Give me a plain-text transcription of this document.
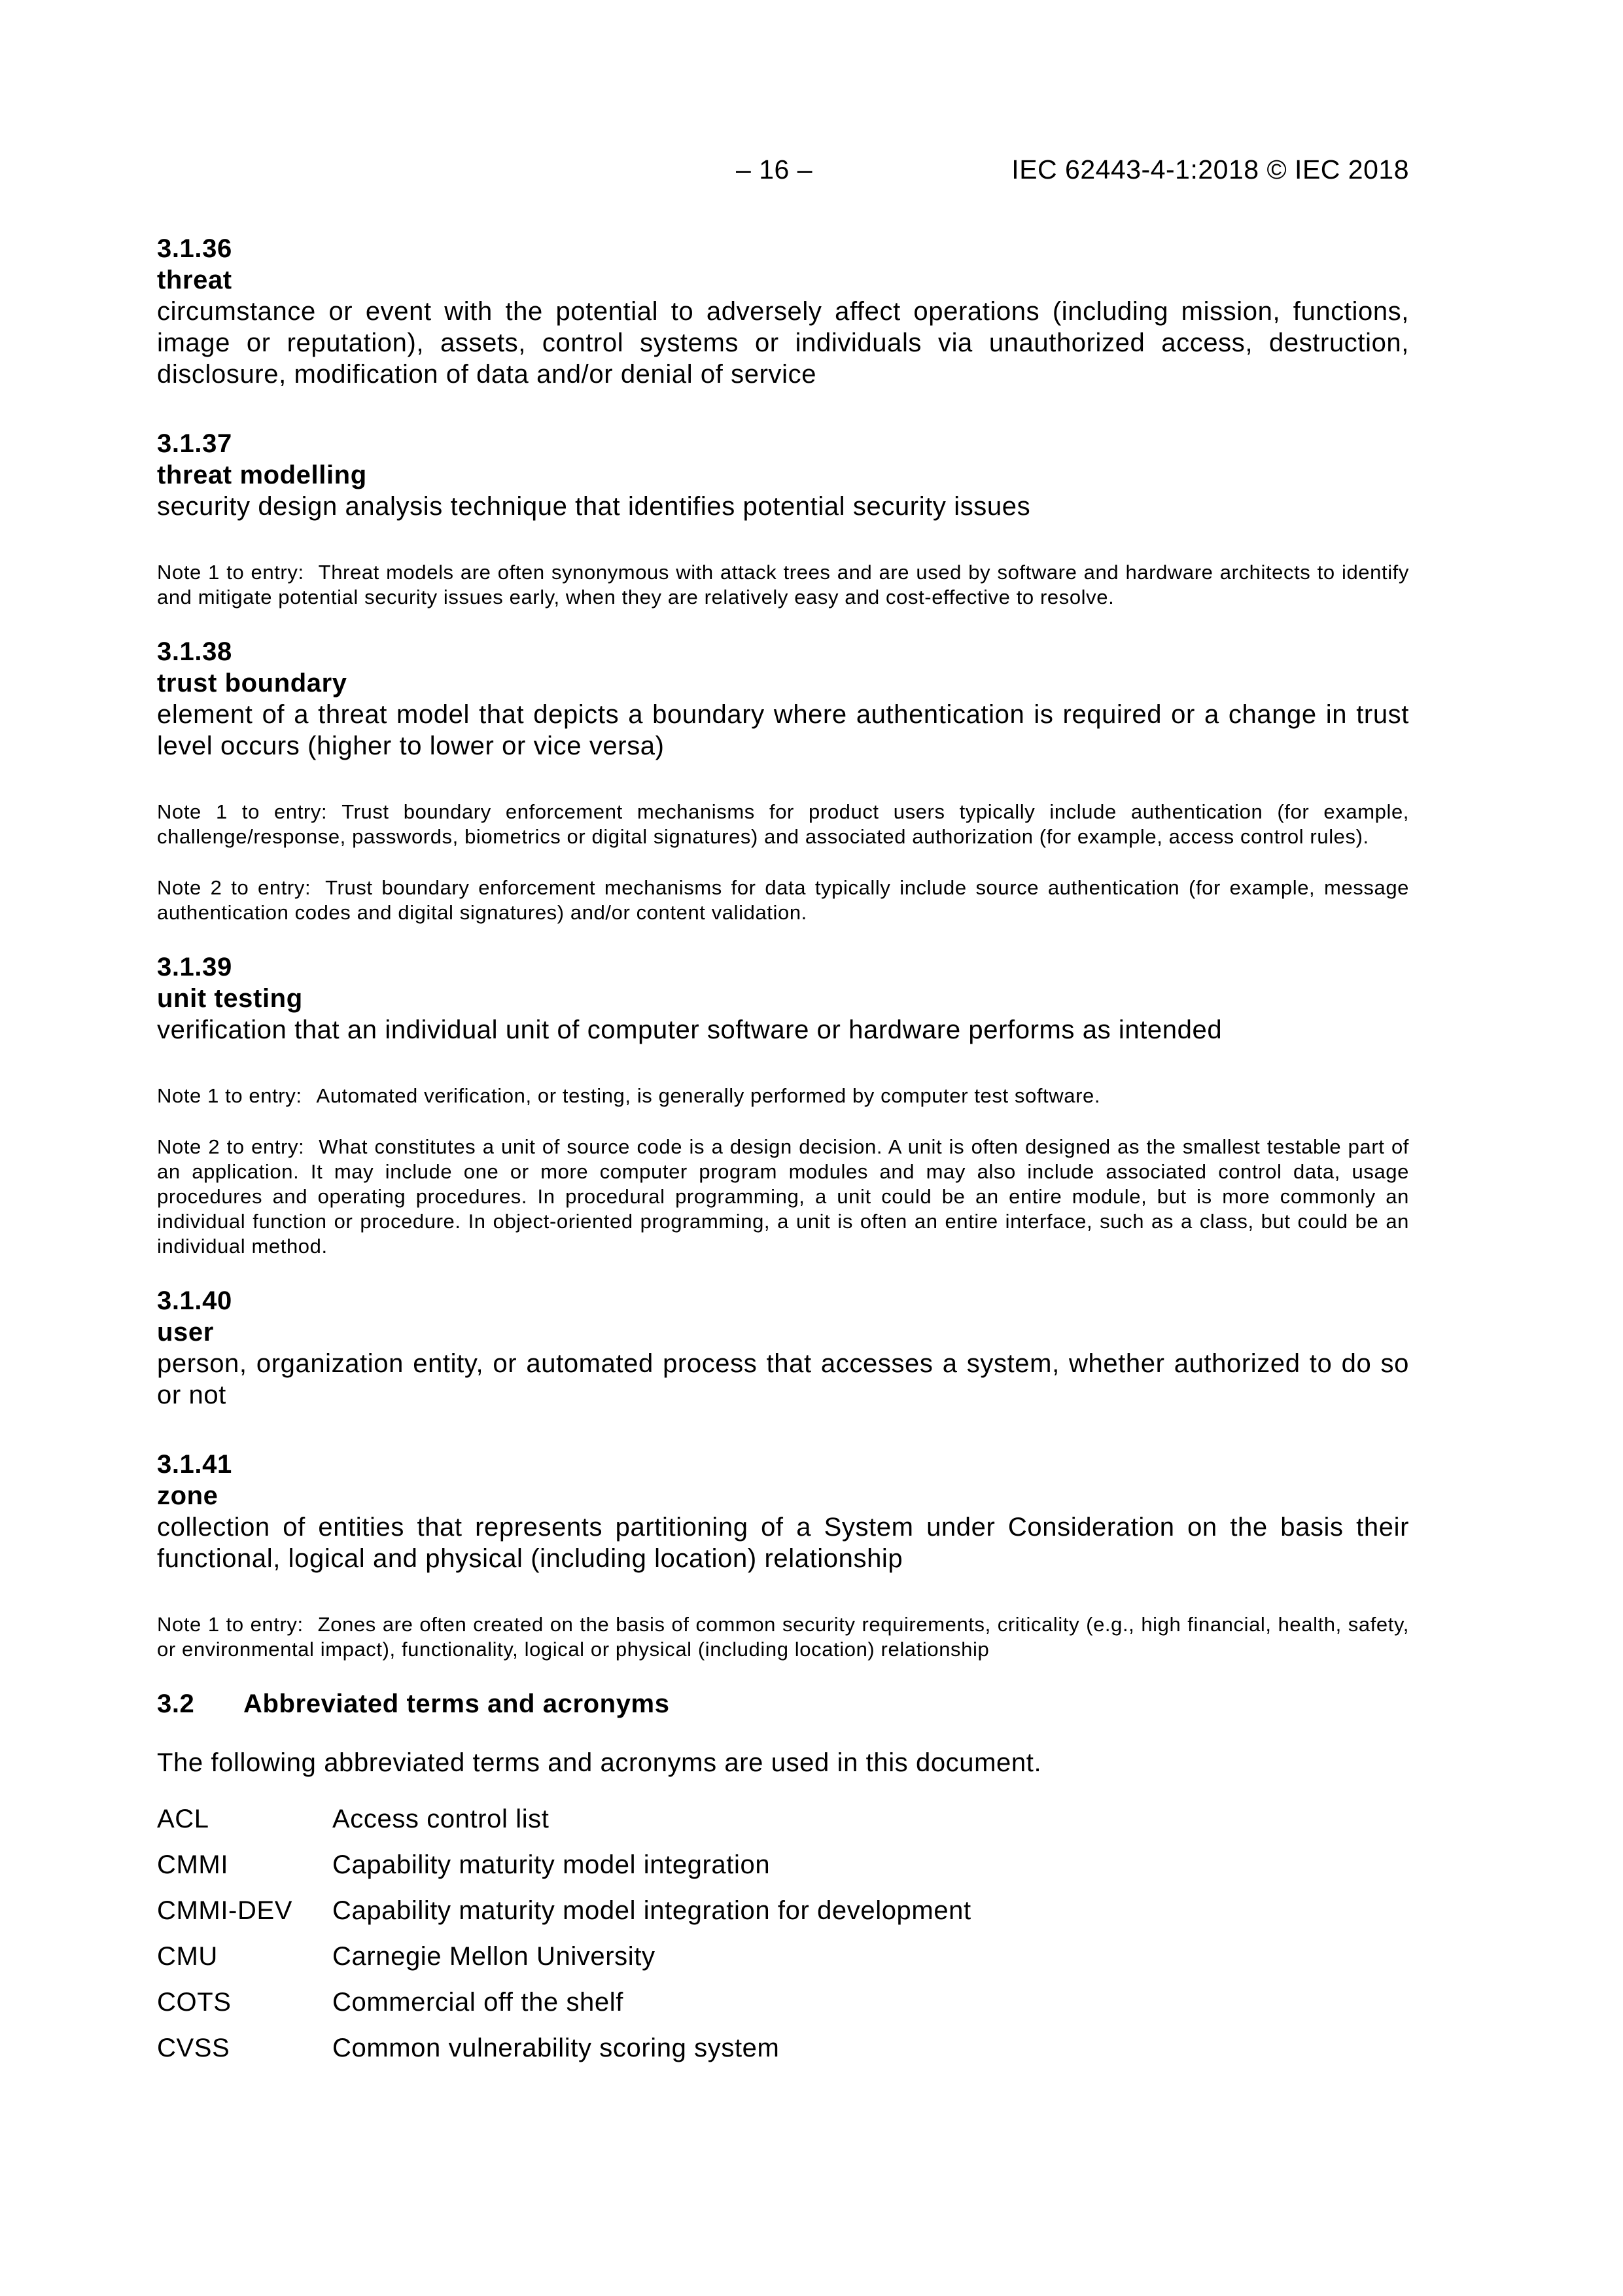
– 16 –	IEC 62443-4-1:2018 © IEC 2018
3.1.36
threat
circumstance or event with the potential to adversely affect operations (including mission, functions, image or reputation), assets, control systems or individuals via unauthorized access, destruction, disclosure, modification of data and/or denial of service
3.1.37
threat modelling
security design analysis technique that identifies potential security issues
Note 1 to entry: Threat models are often synonymous with attack trees and are used by software and hardware architects to identify and mitigate potential security issues early, when they are relatively easy and cost-effective to resolve.
3.1.38
trust boundary
element of a threat model that depicts a boundary where authentication is required or a change in trust level occurs (higher to lower or vice versa)
Note 1 to entry: Trust boundary enforcement mechanisms for product users typically include authentication (for example, challenge/response, passwords, biometrics or digital signatures) and associated authorization (for example, access control rules).
Note 2 to entry: Trust boundary enforcement mechanisms for data typically include source authentication (for example, message authentication codes and digital signatures) and/or content validation.
3.1.39
unit testing
verification that an individual unit of computer software or hardware performs as intended
Note 1 to entry: Automated verification, or testing, is generally performed by computer test software.
Note 2 to entry: What constitutes a unit of source code is a design decision. A unit is often designed as the smallest testable part of an application. It may include one or more computer program modules and may also include associated control data, usage procedures and operating procedures. In procedural programming, a unit could be an entire module, but is more commonly an individual function or procedure. In object-oriented programming, a unit is often an entire interface, such as a class, but could be an individual method.
3.1.40
user
person, organization entity, or automated process that accesses a system, whether authorized to do so or not
3.1.41
zone
collection of entities that represents partitioning of a System under Consideration on the basis their functional, logical and physical (including location) relationship
Note 1 to entry: Zones are often created on the basis of common security requirements, criticality (e.g., high financial, health, safety, or environmental impact), functionality, logical or physical (including location) relationship
3.2 Abbreviated terms and acronyms
The following abbreviated terms and acronyms are used in this document.
ACL	Access control list
CMMI	Capability maturity model integration
CMMI-DEV	Capability maturity model integration for development
CMU	Carnegie Mellon University
COTS	Commercial off the shelf
CVSS	Common vulnerability scoring system
